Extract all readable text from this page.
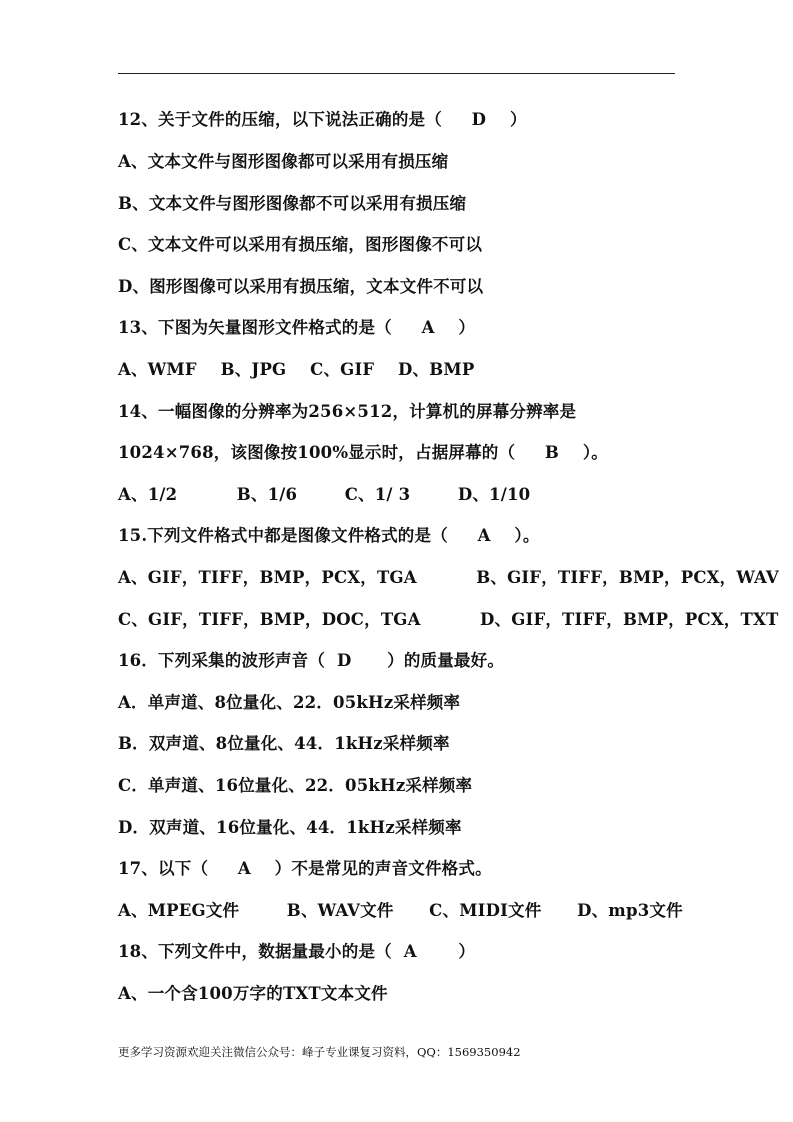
12、关于文件的压缩，以下说法正确的是（     D    ）
A、文本文件与图形图像都可以采用有损压缩
B、文本文件与图形图像都不可以采用有损压缩
C、文本文件可以采用有损压缩，图形图像不可以
D、图形图像可以采用有损压缩，文本文件不可以
13、下图为矢量图形文件格式的是（     A    ）
A、WMF    B、JPG    C、GIF    D、BMP
14、一幅图像的分辨率为256×512，计算机的屏幕分辨率是
1024×768，该图像按100%显示时，占据屏幕的（     B    ）。
A、1/2          B、1/6        C、1/ 3        D、1/10
15.下列文件格式中都是图像文件格式的是（     A    ）。
A、GIF，TIFF，BMP，PCX，TGA          B、GIF，TIFF，BMP，PCX，WAV
C、GIF，TIFF，BMP，DOC，TGA          D、GIF，TIFF，BMP，PCX，TXT
16．下列采集的波形声音（  D      ）的质量最好。
A．单声道、8位量化、22．05kHz采样频率
B．双声道、8位量化、44．1kHz采样频率
C．单声道、16位量化、22．05kHz采样频率
D．双声道、16位量化、44．1kHz采样频率
17、以下（     A    ）不是常见的声音文件格式。
A、MPEG文件        B、WAV文件      C、MIDI文件      D、mp3文件
18、下列文件中，数据量最小的是（  A       ）
A、一个含100万字的TXT文本文件
更多学习资源欢迎关注微信公众号：峰子专业课复习资料，QQ：1569350942
